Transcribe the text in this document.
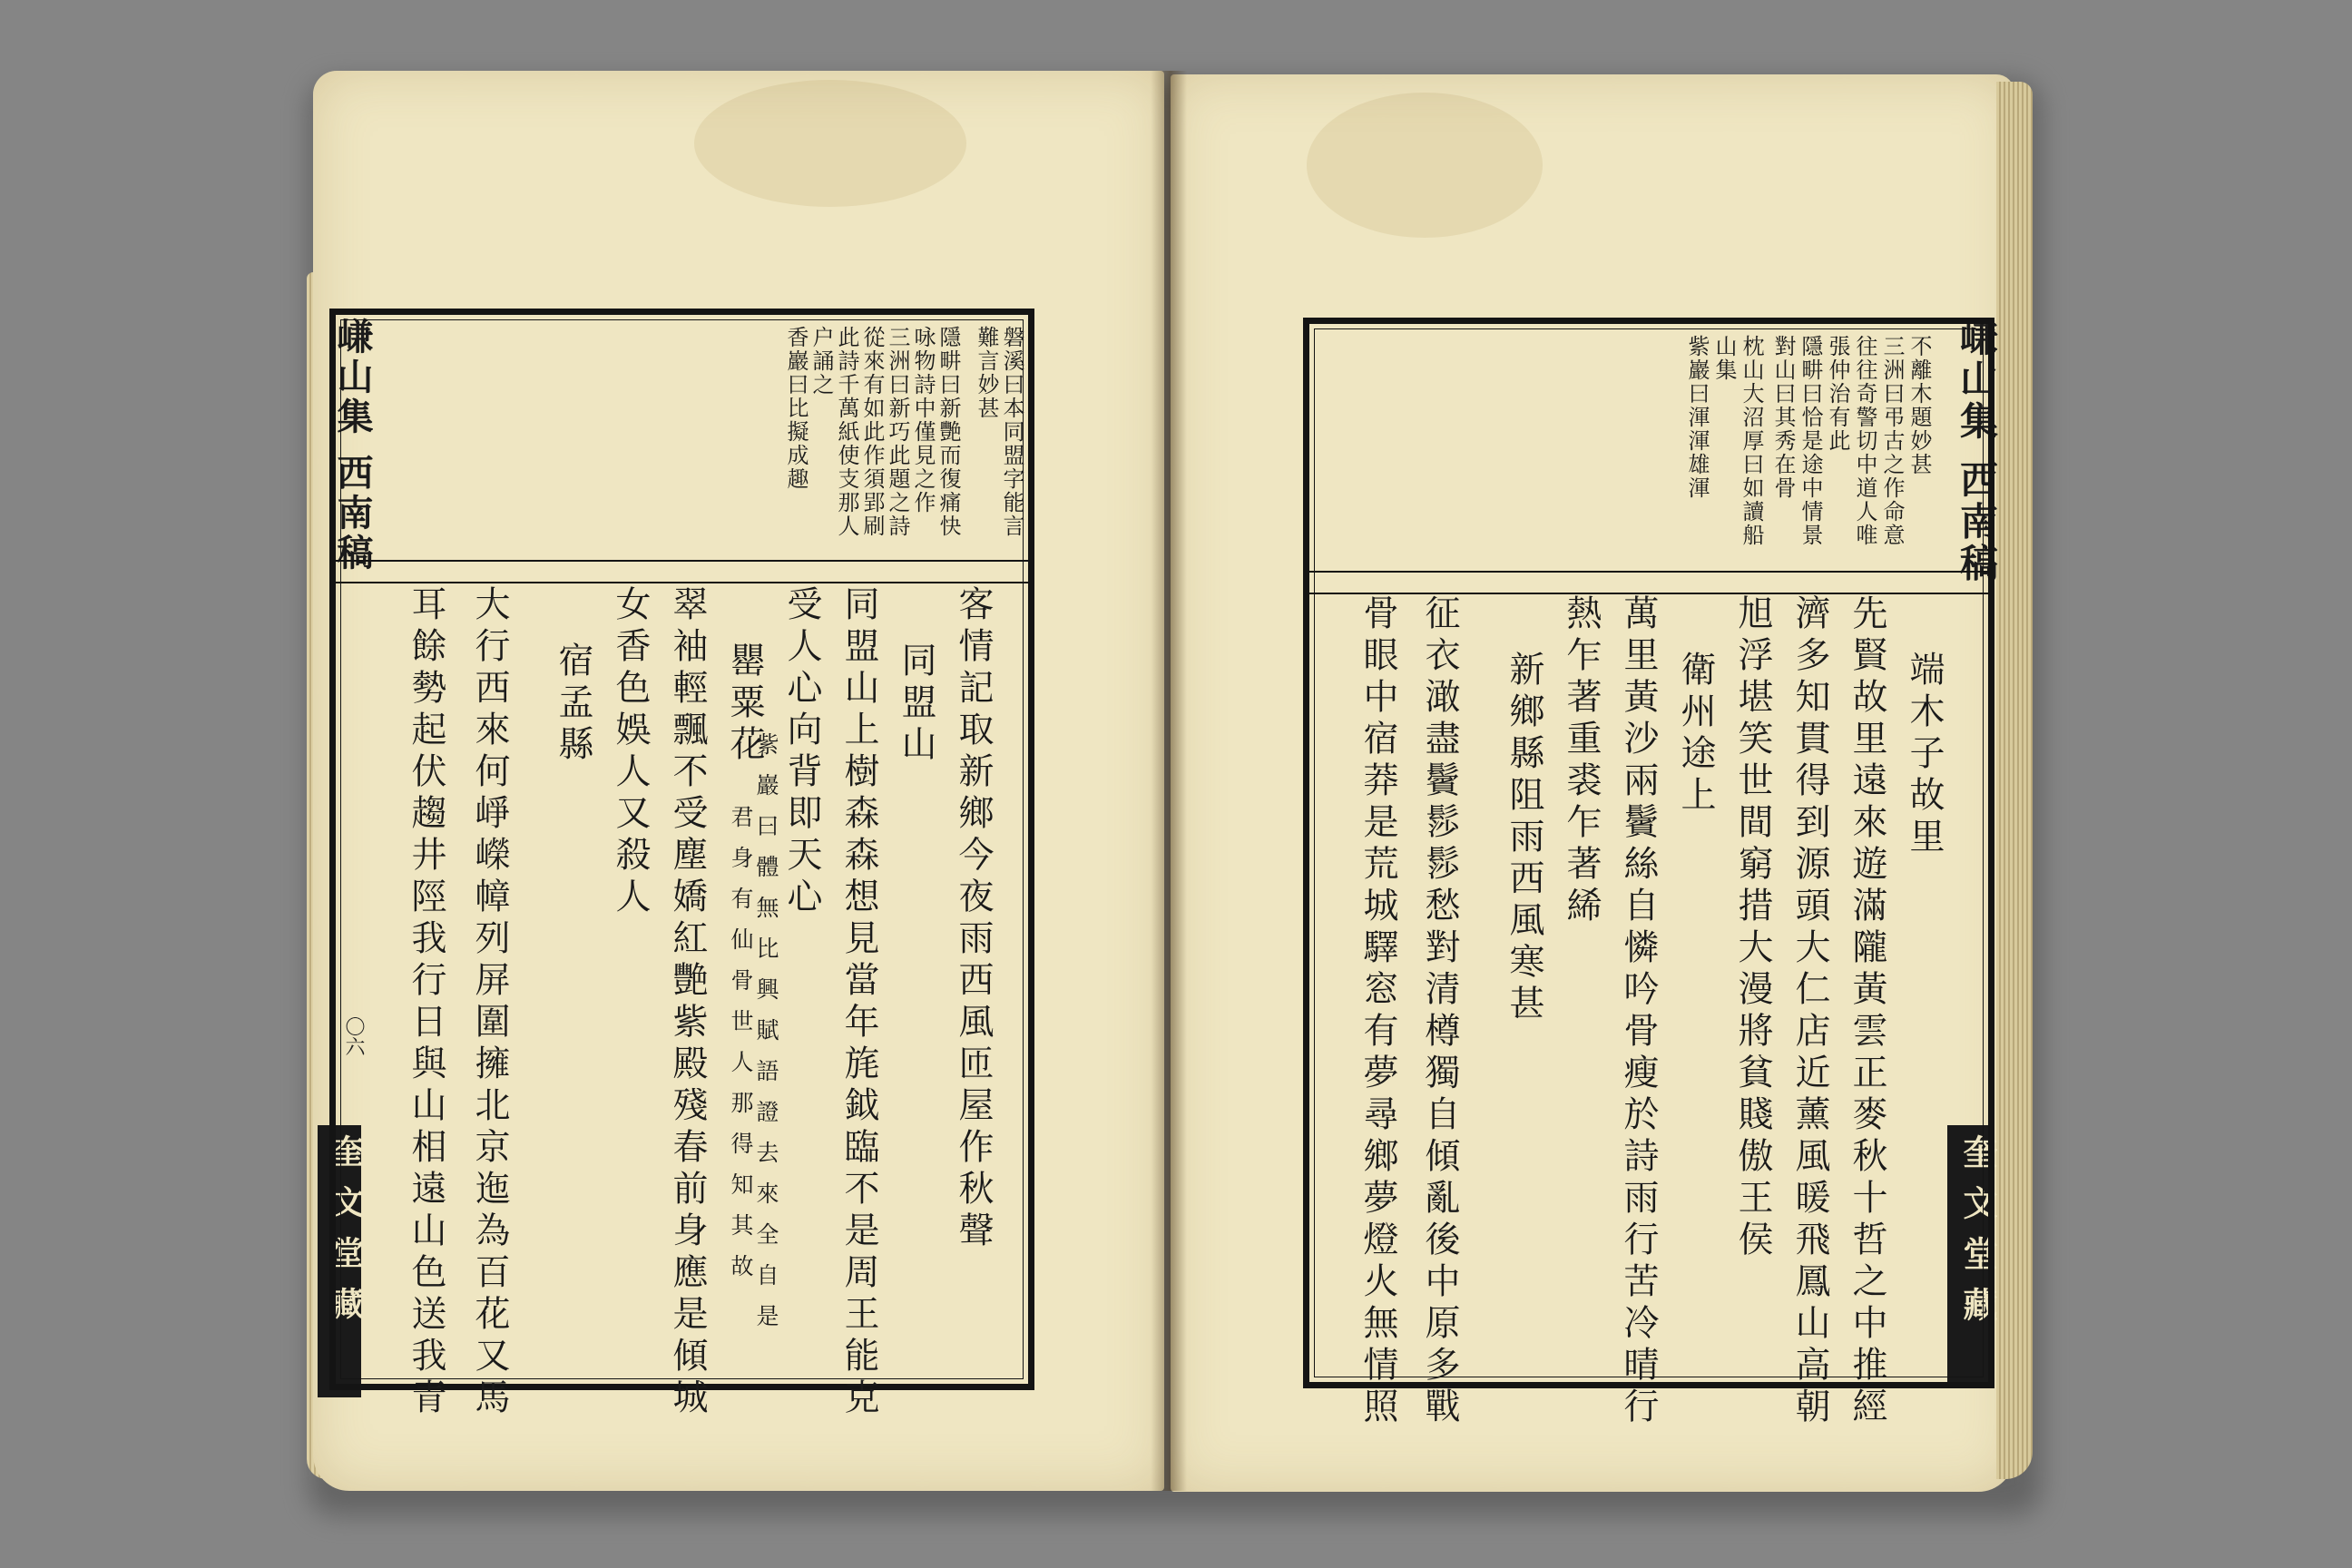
嵰山集 西南稿
〇六
奎文堂藏
磐溪曰本同盟字能言
難言妙甚
隱畊曰新艷而復痛快
咏物詩中僅見之作
三洲曰新巧此題之詩
從來有如此作須郢刷
此詩千萬紙使支那人
户誦之
香巖曰比擬成趣
客情記取新鄉今夜雨西風匝屋作秋聲
同盟山
同盟山上樹森森想見當年旄鉞臨不是周王能克
受人心向背即天心
罌粟花
紫巖曰體無比興賦語證去來全自是
君身有仙骨世人那得知其故
翠袖輕飄不受塵嬌紅艷紫殿殘春前身應是傾城
女香色娛人又殺人
宿孟縣
大行西來何崢嶸幛列屏圍擁北京迤為百花又馬
耳餘勢起伏趨井陘我行日與山相遠山色送我青
嵰山集 西南稿
奎文堂藏
不離木題妙甚
三洲曰弔古之作命意
往往奇警切中道人唯
張仲治有此
隱畊曰恰是途中情景
對山曰其秀在骨
枕山大沼厚曰如讀船
山集
紫巖曰渾渾雄渾
端木子故里
先賢故里遠來遊滿隴黃雲正麥秋十哲之中推經
濟多知貫得到源頭大仁店近薰風暖飛鳳山高朝
旭浮堪笑世間窮措大漫將貧賤傲王侯
衛州途上
萬里黃沙兩鬢絲自憐吟骨瘦於詩雨行苦冷晴行
熱乍著重裘乍著絺
新鄉縣阻雨西風寒甚
征衣澉盡鬢髿髿愁對清樽獨自傾亂後中原多戰
骨眼中宿莽是荒城驛窓有夢尋鄉夢燈火無情照
